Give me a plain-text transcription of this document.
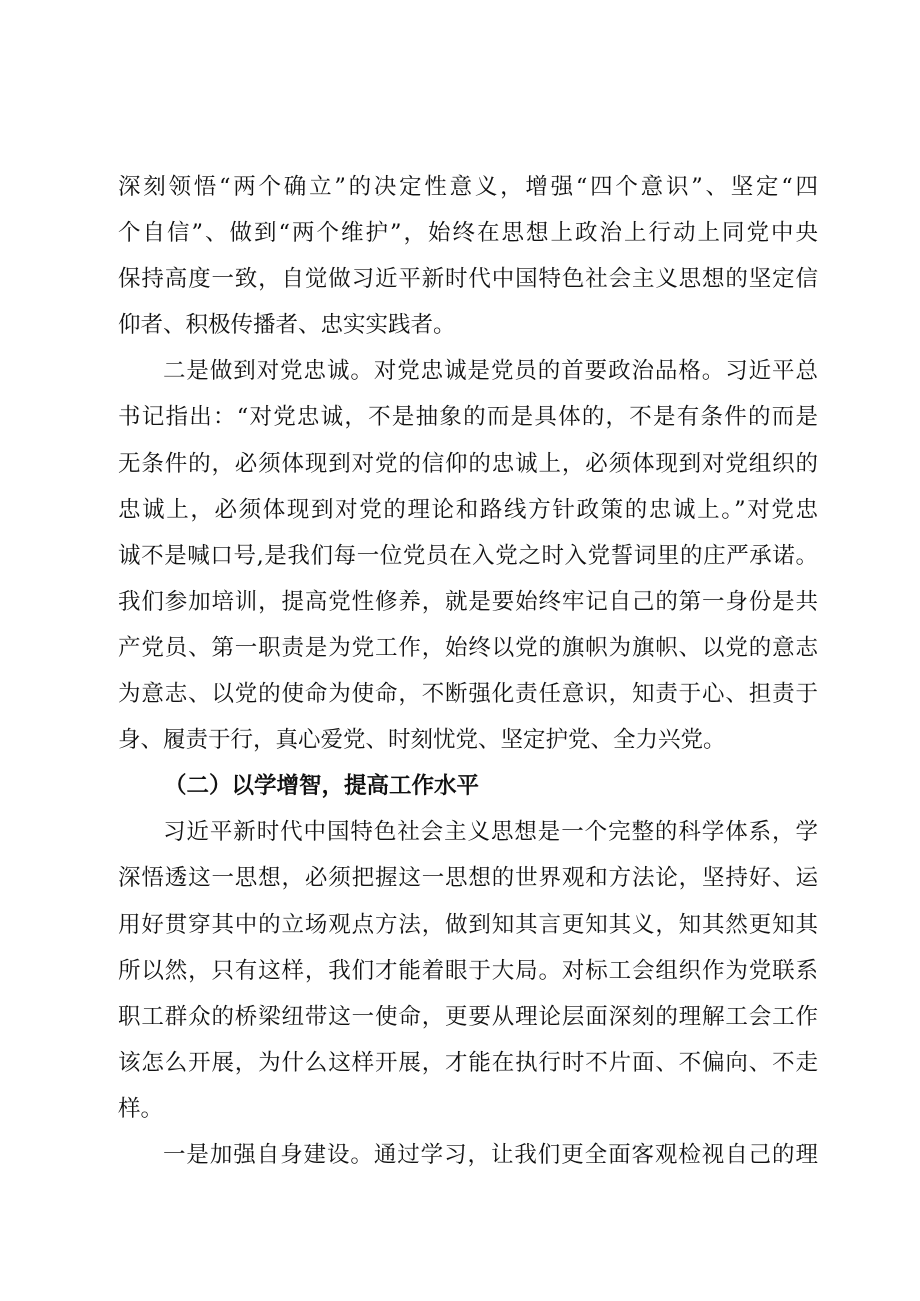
深刻领悟“两个确立”的决定性意义，增强“四个意识”、坚定“四
个自信”、做到“两个维护”，始终在思想上政治上行动上同党中央
保持高度一致，自觉做习近平新时代中国特色社会主义思想的坚定信
仰者、积极传播者、忠实实践者。
二是做到对党忠诚。对党忠诚是党员的首要政治品格。习近平总
书记指出：“对党忠诚，不是抽象的而是具体的，不是有条件的而是
无条件的，必须体现到对党的信仰的忠诚上，必须体现到对党组织的
忠诚上，必须体现到对党的理论和路线方针政策的忠诚上。”对党忠
诚不是喊口号,是我们每一位党员在入党之时入党誓词里的庄严承诺。
我们参加培训，提高党性修养，就是要始终牢记自己的第一身份是共
产党员、第一职责是为党工作，始终以党的旗帜为旗帜、以党的意志
为意志、以党的使命为使命，不断强化责任意识，知责于心、担责于
身、履责于行，真心爱党、时刻忧党、坚定护党、全力兴党。
（二）以学增智，提高工作水平
习近平新时代中国特色社会主义思想是一个完整的科学体系，学
深悟透这一思想，必须把握这一思想的世界观和方法论，坚持好、运
用好贯穿其中的立场观点方法，做到知其言更知其义，知其然更知其
所以然，只有这样，我们才能着眼于大局。对标工会组织作为党联系
职工群众的桥梁纽带这一使命，更要从理论层面深刻的理解工会工作
该怎么开展，为什么这样开展，才能在执行时不片面、不偏向、不走
样。
一是加强自身建设。通过学习，让我们更全面客观检视自己的理
